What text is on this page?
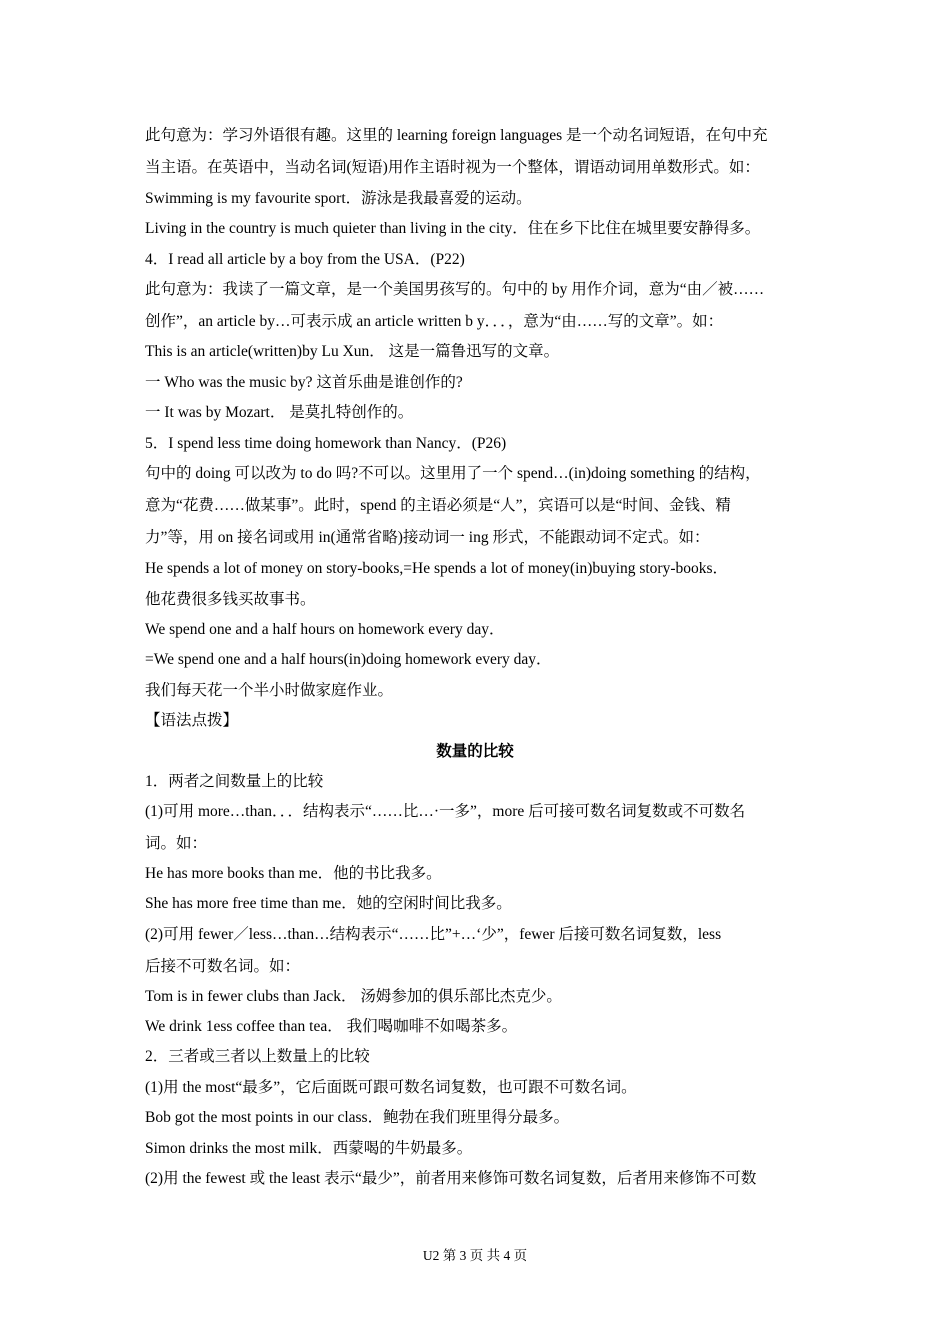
此句意为：学习外语很有趣。这里的 learning foreign languages 是一个动名词短语，在句中充
当主语。在英语中，当动名词(短语)用作主语时视为一个整体，谓语动词用单数形式。如：
Swimming is my favourite sport．游泳是我最喜爱的运动。
Living in the country is much quieter than living in the city．住在乡下比住在城里要安静得多。
4．I read all article by a boy from the USA．(P22)
此句意为：我读了一篇文章，是一个美国男孩写的。句中的 by 用作介词，意为“由／被……
创作”，an article by…可表示成 an article written b y．．．，意为“由……写的文章”。如：
This is an article(written)by Lu Xun． 这是一篇鲁迅写的文章。
一 Who was the music by? 这首乐曲是谁创作的?
一 It was by Mozart． 是莫扎特创作的。
5．I spend less time doing homework than Nancy．(P26)
句中的 doing 可以改为 to do 吗?不可以。这里用了一个 spend…(in)doing something 的结构，
意为“花费……做某事”。此时，spend 的主语必须是“人”，宾语可以是“时间、金钱、精
力”等，用 on 接名词或用 in(通常省略)接动词一 ing 形式，不能跟动词不定式。如：
He spends a lot of money on story-books,=He spends a lot of money(in)buying story-books．
他花费很多钱买故事书。
We spend one and a half hours on homework every day．
=We spend one and a half hours(in)doing homework every day．
我们每天花一个半小时做家庭作业。
【语法点拨】
数量的比较
1．两者之间数量上的比较
(1)可用 more…than．．．结构表示“……比…·一多”，more 后可接可数名词复数或不可数名
词。如：
He has more books than me．他的书比我多。
She has more free time than me．她的空闲时间比我多。
(2)可用 fewer／less…than…结构表示“……比”+…‘少”，fewer 后接可数名词复数，less
后接不可数名词。如：
Tom is in fewer clubs than Jack． 汤姆参加的俱乐部比杰克少。
We drink 1ess coffee than tea． 我们喝咖啡不如喝茶多。
2．三者或三者以上数量上的比较
(1)用 the most“最多”，它后面既可跟可数名词复数，也可跟不可数名词。
Bob got the most points in our class．鲍勃在我们班里得分最多。
Simon drinks the most milk．西蒙喝的牛奶最多。
(2)用 the fewest 或 the least 表示“最少”，前者用来修饰可数名词复数，后者用来修饰不可数
U2 第 3 页 共 4 页
